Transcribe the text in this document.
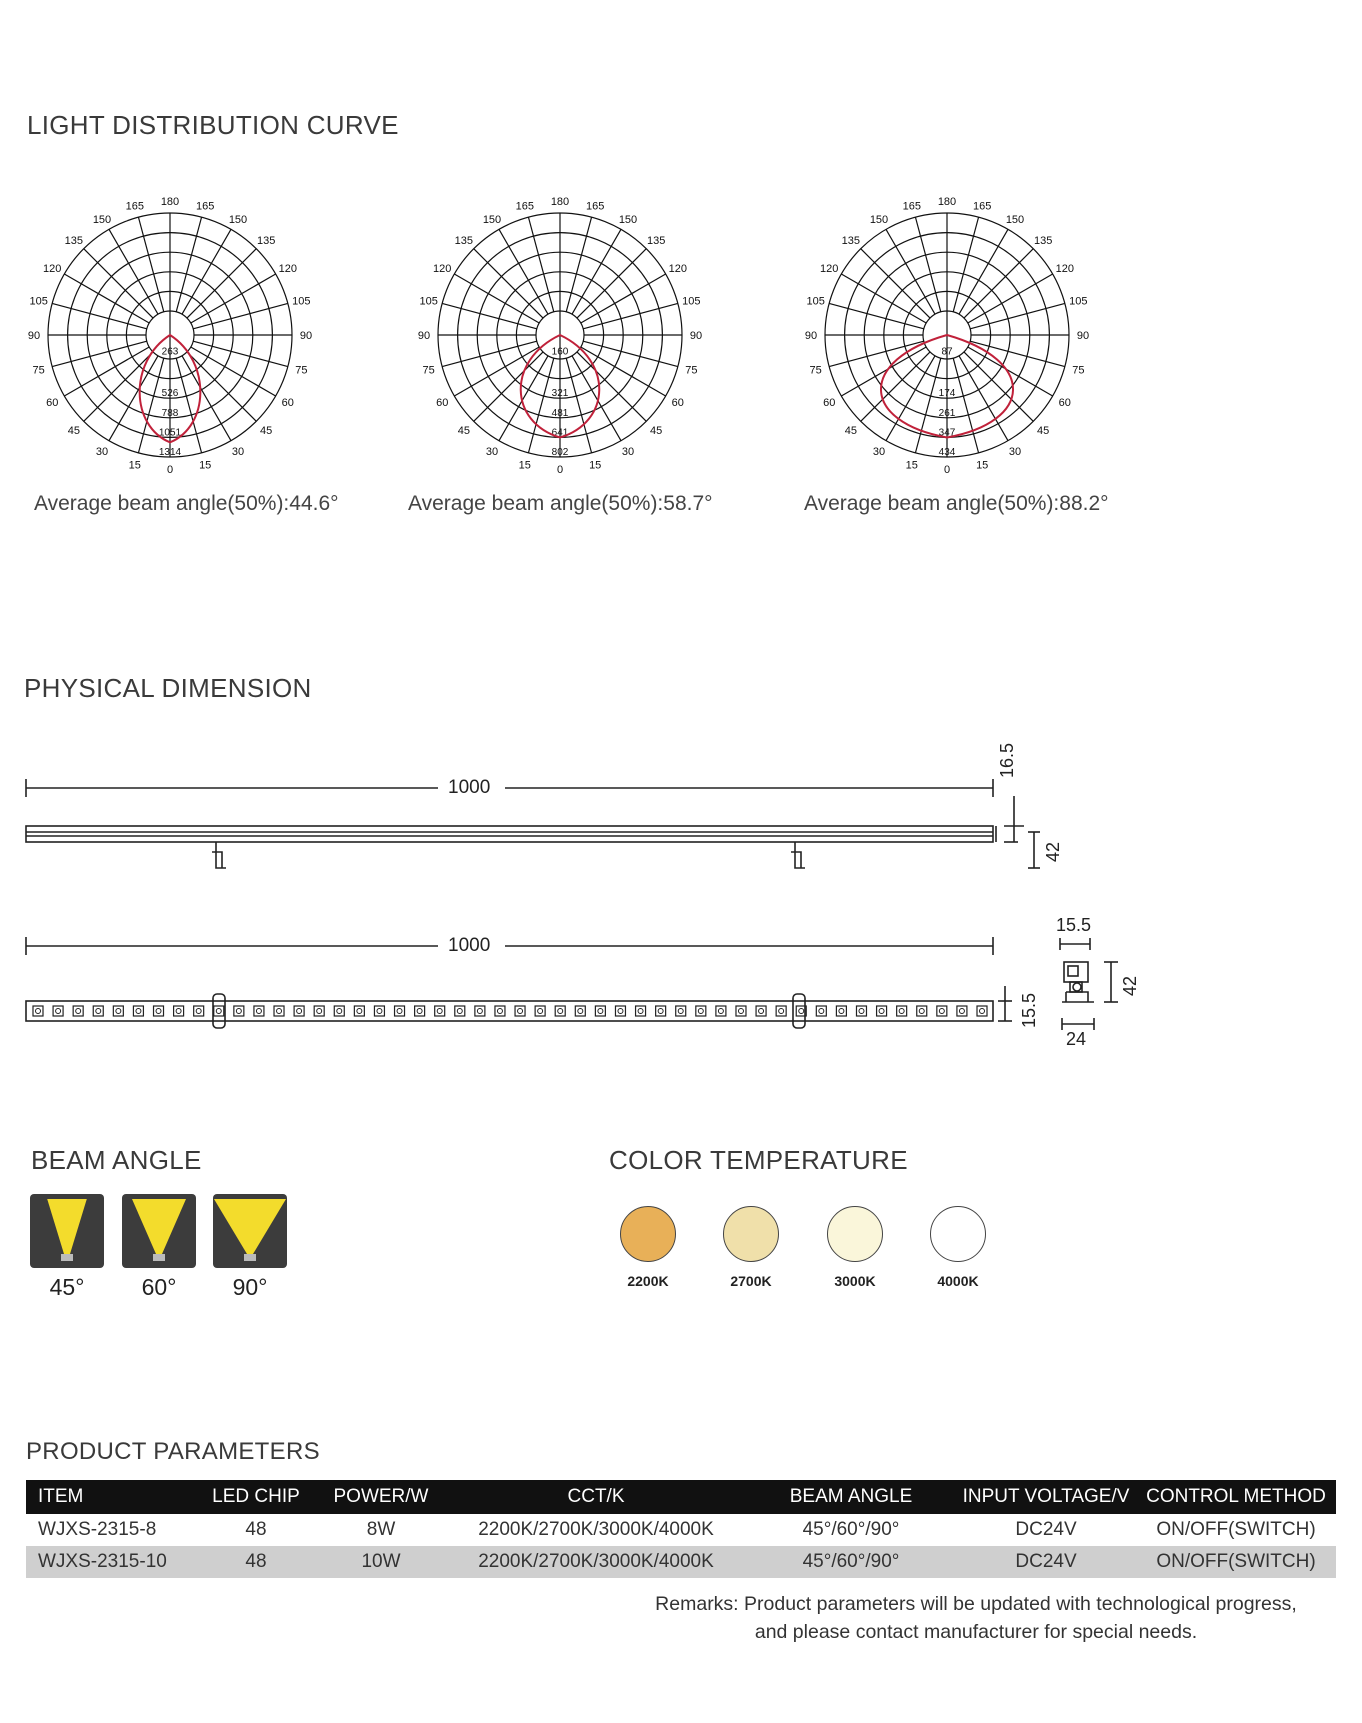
LIGHT DISTRIBUTION CURVE
180
165	165
150	150
135	135
120	120
105	105
90	90
75	75
60	60
45	45
30	30
15	15
0
263
526
788
1051
1314
180
165	165
150	150
135	135
120	120
105	105
90	90
75	75
60	60
45	45
30	30
15	15
0
160
321
481
641
802
180
165	165
150	150
135	135
120	120
105	105
90	90
75	75
60	60
45	45
30	30
15	15
0
87
174
261
347
434
Average beam angle(50%):44.6°	Average beam angle(50%):58.7°	Average beam angle(50%):88.2°
PHYSICAL DIMENSION
1000
1000
16.5
42
15.5
15.5
42
24
BEAM ANGLE
45°	60°	90°
COLOR TEMPERATURE
2200K	2700K	3000K	4000K
PRODUCT PARAMETERS
ITEM	LED CHIP	POWER/W	CCT/K	BEAM ANGLE	INPUT VOLTAGE/V	CONTROL METHOD
WJXS-2315-8	48	8W	2200K/2700K/3000K/4000K	45°/60°/90°	DC24V	ON/OFF(SWITCH)
WJXS-2315-10	48	10W	2200K/2700K/3000K/4000K	45°/60°/90°	DC24V	ON/OFF(SWITCH)
Remarks: Product parameters will be updated with technological progress,
and please contact manufacturer for special needs.
